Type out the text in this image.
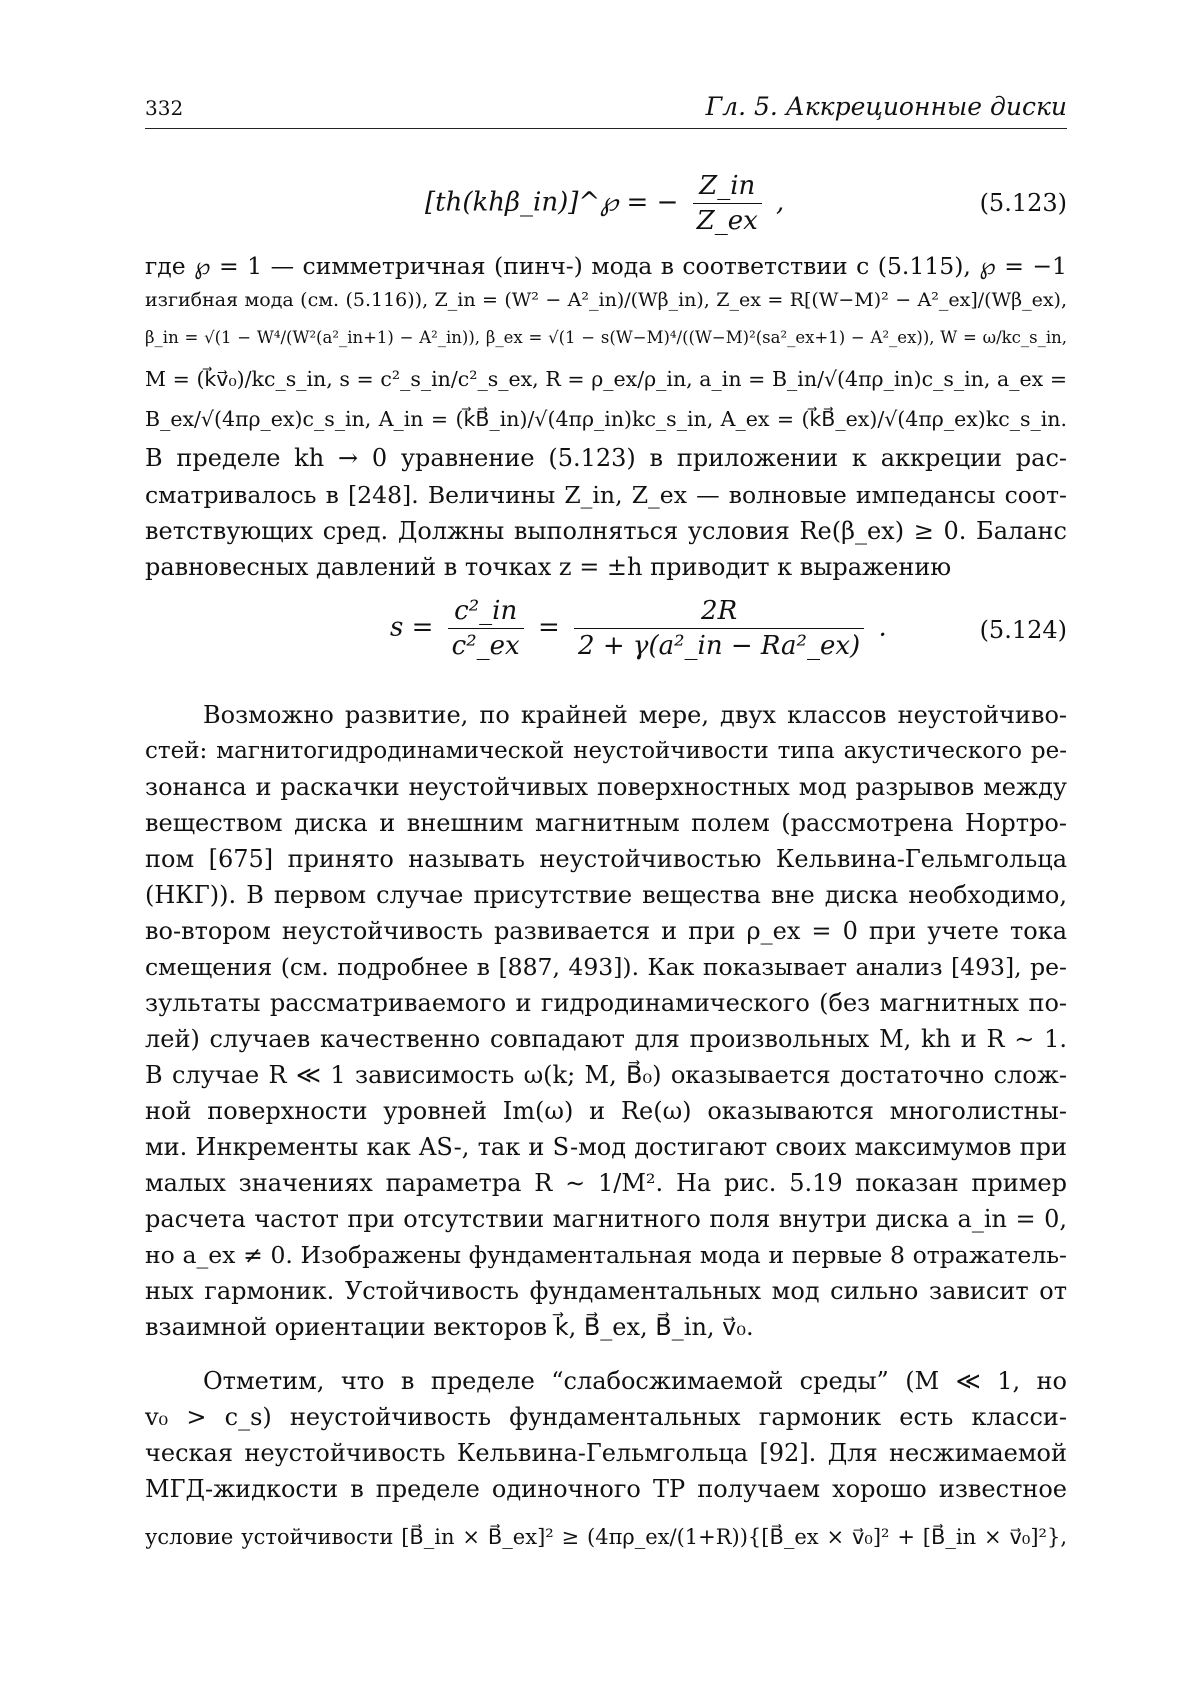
332	Гл. 5. Аккреционные диски
[th(khβ_in)]^℘ = − $\frac{Z\_in}{Z\_ex}$ ,	(5.123)
где ℘ = 1 — симметричная (пинч-) мода в соответствии с (5.115), ℘ = −1
изгибная мода (см. (5.116)), Z_in = (W² − A²_in)/(Wβ_in), Z_ex = R[(W−M)² − A²_ex]/(Wβ_ex),
β_in = √(1 − W⁴/(W²(a²_in+1) − A²_in)), β_ex = √(1 − s(W−M)⁴/((W−M)²(sa²_ex+1) − A²_ex)), W = ω/kc_s_in,
M = (k⃗v⃗₀)/kc_s_in, s = c²_s_in/c²_s_ex, R = ρ_ex/ρ_in, a_in = B_in/√(4πρ_in)c_s_in, a_ex =
B_ex/√(4πρ_ex)c_s_in, A_in = (k⃗B⃗_in)/√(4πρ_in)kc_s_in, A_ex = (k⃗B⃗_ex)/√(4πρ_ex)kc_s_in.
В пределе kh → 0 уравнение (5.123) в приложении к аккреции рас-
сматривалось в [248]. Величины Z_in, Z_ex — волновые импедансы соот-
ветствующих сред. Должны выполняться условия Re(β_ex) ≥ 0. Баланс
равновесных давлений в точках z = ±h приводит к выражению
$s = \frac{\text{c²\_in}}{\text{c²\_ex}} = \frac{2R}{\text{2 + γ(a²\_in − Ra²\_ex)}}$ .	(5.124)
Возможно развитие, по крайней мере, двух классов неустойчиво-
стей: магнитогидродинамической неустойчивости типа акустического ре-
зонанса и раскачки неустойчивых поверхностных мод разрывов между
веществом диска и внешним магнитным полем (рассмотрена Нортро-
пом [675] принято называть неустойчивостью Кельвина-Гельмгольца
(НКГ)). В первом случае присутствие вещества вне диска необходимо,
во-втором неустойчивость развивается и при ρ_ex = 0 при учете тока
смещения (см. подробнее в [887, 493]). Как показывает анализ [493], ре-
зультаты рассматриваемого и гидродинамического (без магнитных по-
лей) случаев качественно совпадают для произвольных M, kh и R ∼ 1.
В случае R ≪ 1 зависимость ω(k; M, B⃗₀) оказывается достаточно слож-
ной поверхности уровней Im(ω) и Re(ω) оказываются многолистны-
ми. Инкременты как AS-, так и S-мод достигают своих максимумов при
малых значениях параметра R ∼ 1/M². На рис. 5.19 показан пример
расчета частот при отсутствии магнитного поля внутри диска a_in = 0,
но a_ex ≠ 0. Изображены фундаментальная мода и первые 8 отражатель-
ных гармоник. Устойчивость фундаментальных мод сильно зависит от
взаимной ориентации векторов k⃗, B⃗_ex, B⃗_in, v⃗₀.
Отметим, что в пределе “слабосжимаемой среды” (M ≪ 1, но
v₀ > c_s) неустойчивость фундаментальных гармоник есть класси-
ческая неустойчивость Кельвина-Гельмгольца [92]. Для несжимаемой
МГД-жидкости в пределе одиночного ТР получаем хорошо известное
условие устойчивости [B⃗_in × B⃗_ex]² ≥ (4πρ_ex/(1+R)){[B⃗_ex × v⃗₀]² + [B⃗_in × v⃗₀]²},
